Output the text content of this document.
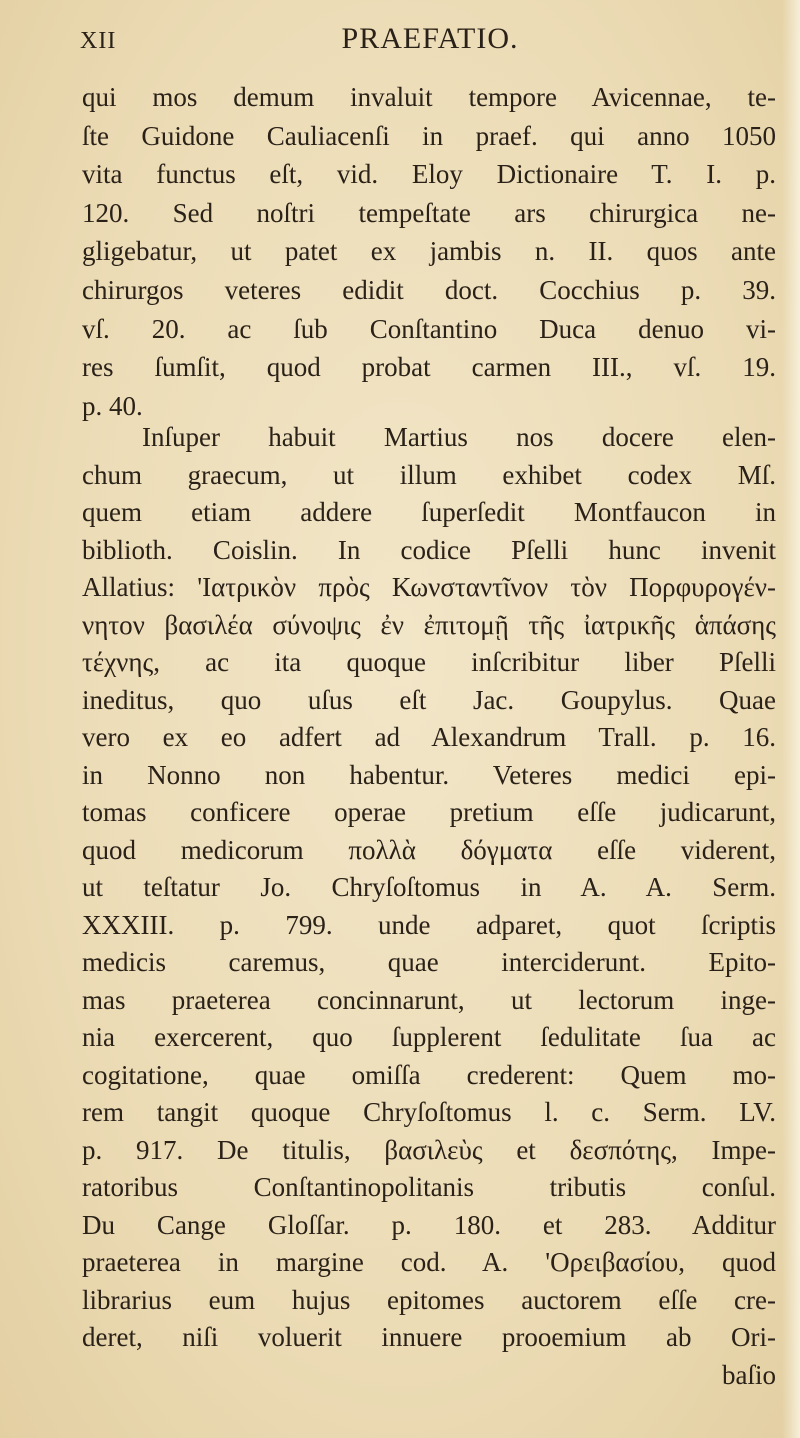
XII	PRAEFATIO.
qui mos demum invaluit tempore Avicennae, te-
ſte Guidone Cauliacenſi in praef. qui anno 1050
vita functus eſt, vid. Eloy Dictionaire T. I. p.
120. Sed noſtri tempeſtate ars chirurgica ne-
gligebatur, ut patet ex jambis n. II. quos ante
chirurgos veteres edidit doct. Cocchius p. 39.
vſ. 20. ac ſub Conſtantino Duca denuo vi-
res ſumſit, quod probat carmen III., vſ. 19.
p. 40.
Inſuper habuit Martius nos docere elen-
chum graecum, ut illum exhibet codex Mſ.
quem etiam addere ſuperſedit Montfaucon in
biblioth. Coislin. In codice Pſelli hunc invenit
Allatius: 'Ιατρικὸν πρὸς Κωνσταντῖνον τὸν Πορφυρογέν-
νητον βασιλέα σύνοψις ἐν ἐπιτομῇ τῆς ἰατρικῆς ἁπάσης
τέχνης, ac ita quoque inſcribitur liber Pſelli
ineditus, quo uſus eſt Jac. Goupylus. Quae
vero ex eo adfert ad Alexandrum Trall. p. 16.
in Nonno non habentur. Veteres medici epi-
tomas conficere operae pretium eſſe judicarunt,
quod medicorum πολλὰ δόγματα eſſe viderent,
ut teſtatur Jo. Chryſoſtomus in A. A. Serm.
XXXIII. p. 799. unde adparet, quot ſcriptis
medicis caremus, quae interciderunt. Epito-
mas praeterea concinnarunt, ut lectorum inge-
nia exercerent, quo ſupplerent ſedulitate ſua ac
cogitatione, quae omiſſa crederent: Quem mo-
rem tangit quoque Chryſoſtomus l. c. Serm. LV.
p. 917. De titulis, βασιλεὺς et δεσπότης, Impe-
ratoribus Conſtantinopolitanis tributis conſul.
Du Cange Gloſſar. p. 180. et 283. Additur
praeterea in margine cod. A. 'Ορειβασίου, quod
librarius eum hujus epitomes auctorem eſſe cre-
deret, niſi voluerit innuere prooemium ab Ori-
baſio
